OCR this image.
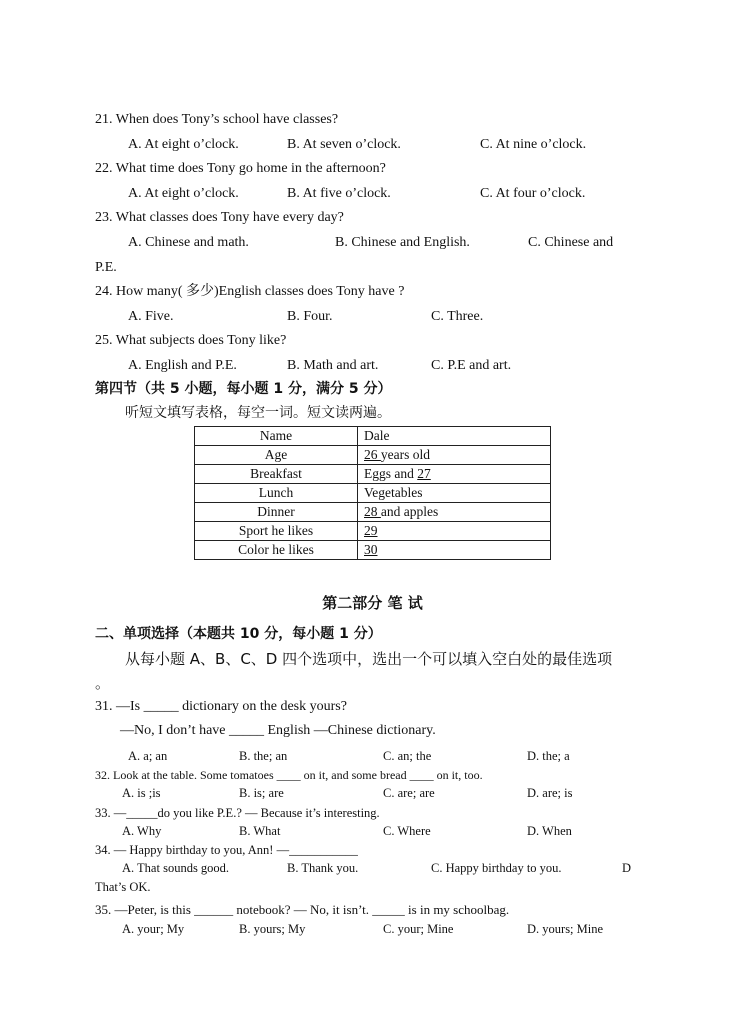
21. When does Tony’s school have classes?
A. At eight o’clock.	B. At seven o’clock.	C. At nine o’clock.
22. What time does Tony go home in the afternoon?
A. At eight o’clock.	B. At five o’clock.	C. At four o’clock.
23. What classes does Tony have every day?
A. Chinese and math.	B. Chinese and English.	C. Chinese and
P.E.
24. How many( 多少)English classes does Tony have ?
A. Five.	B. Four.	C. Three.
25. What subjects does Tony like?
A. English and P.E.	B. Math and art.	C. P.E and art.
第四节（共 5 小题，每小题 1 分，满分 5 分）
听短文填写表格，每空一词。短文读两遍。
Name	Dale
Age	26 years old
Breakfast	Eggs and 27
Lunch	Vegetables
Dinner	28 and apples
Sport he likes	29
Color he likes	30
第二部分 笔 试
二、单项选择（本题共 10 分，每小题 1 分）
从每小题 A、B、C、D 四个选项中，选出一个可以填入空白处的最佳选项
。
31. —Is _____ dictionary on the desk yours?
—No, I don’t have _____ English —Chinese dictionary.
A. a; an	B. the; an	C. an; the	D. the; a
32. Look at the table. Some tomatoes ____ on it, and some bread ____ on it, too.
A. is ;is	B. is; are	C. are; are	D. are; is
33. —_____do you like P.E.? — Because it’s interesting.
A. Why	B. What	C. Where	D. When
34. — Happy birthday to you, Ann! —___________
A. That sounds good.	B. Thank you.	C. Happy birthday to you.	D
That’s OK.
35. —Peter, is this ______ notebook? — No, it isn’t. _____ is in my schoolbag.
A. your; My	B. yours; My	C. your; Mine	D. yours; Mine
